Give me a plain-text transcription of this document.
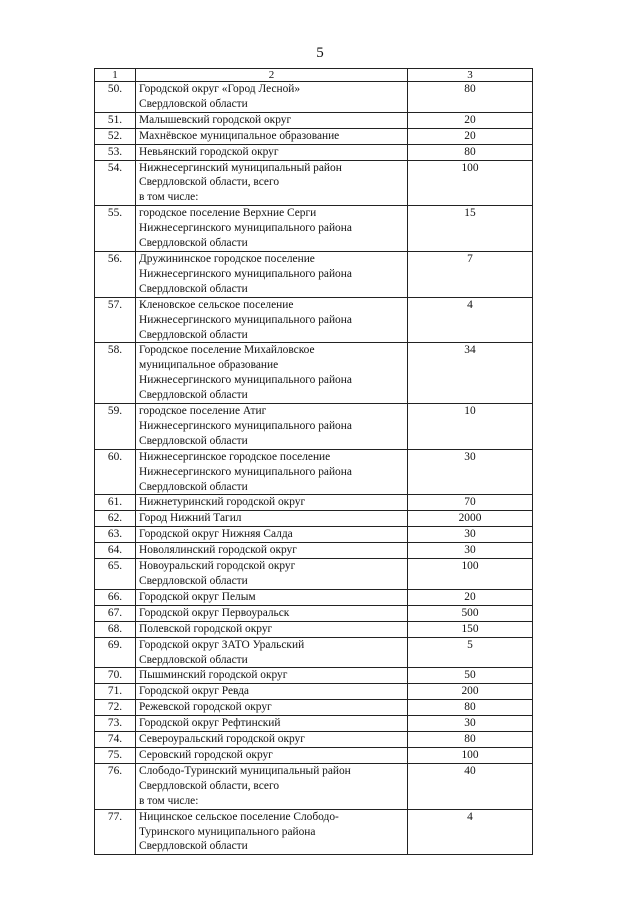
5
1	2	3
50.	Городской округ «Город Лесной»
Свердловской области	80
51.	Малышевский городской округ	20
52.	Махнёвское муниципальное образование	20
53.	Невьянский городской округ	80
54.	Нижнесергинский муниципальный район
Свердловской области, всего
в том числе:	100
55.	городское поселение Верхние Серги
Нижнесергинского муниципального района
Свердловской области	15
56.	Дружининское городское поселение
Нижнесергинского муниципального района
Свердловской области	7
57.	Кленовское сельское поселение
Нижнесергинского муниципального района
Свердловской области	4
58.	Городское поселение Михайловское
муниципальное образование
Нижнесергинского муниципального района
Свердловской области	34
59.	городское поселение Атиг
Нижнесергинского муниципального района
Свердловской области	10
60.	Нижнесергинское городское поселение
Нижнесергинского муниципального района
Свердловской области	30
61.	Нижнетуринский городской округ	70
62.	Город Нижний Тагил	2000
63.	Городской округ Нижняя Салда	30
64.	Новолялинский городской округ	30
65.	Новоуральский городской округ
Свердловской области	100
66.	Городской округ Пелым	20
67.	Городской округ Первоуральск	500
68.	Полевской городской округ	150
69.	Городской округ ЗАТО Уральский
Свердловской области	5
70.	Пышминский городской округ	50
71.	Городской округ Ревда	200
72.	Режевской городской округ	80
73.	Городской округ Рефтинский	30
74.	Североуральский городской округ	80
75.	Серовский городской округ	100
76.	Слободо-Туринский муниципальный район
Свердловской области, всего
в том числе:	40
77.	Ницинское сельское поселение Слободо-
Туринского муниципального района
Свердловской области	4
